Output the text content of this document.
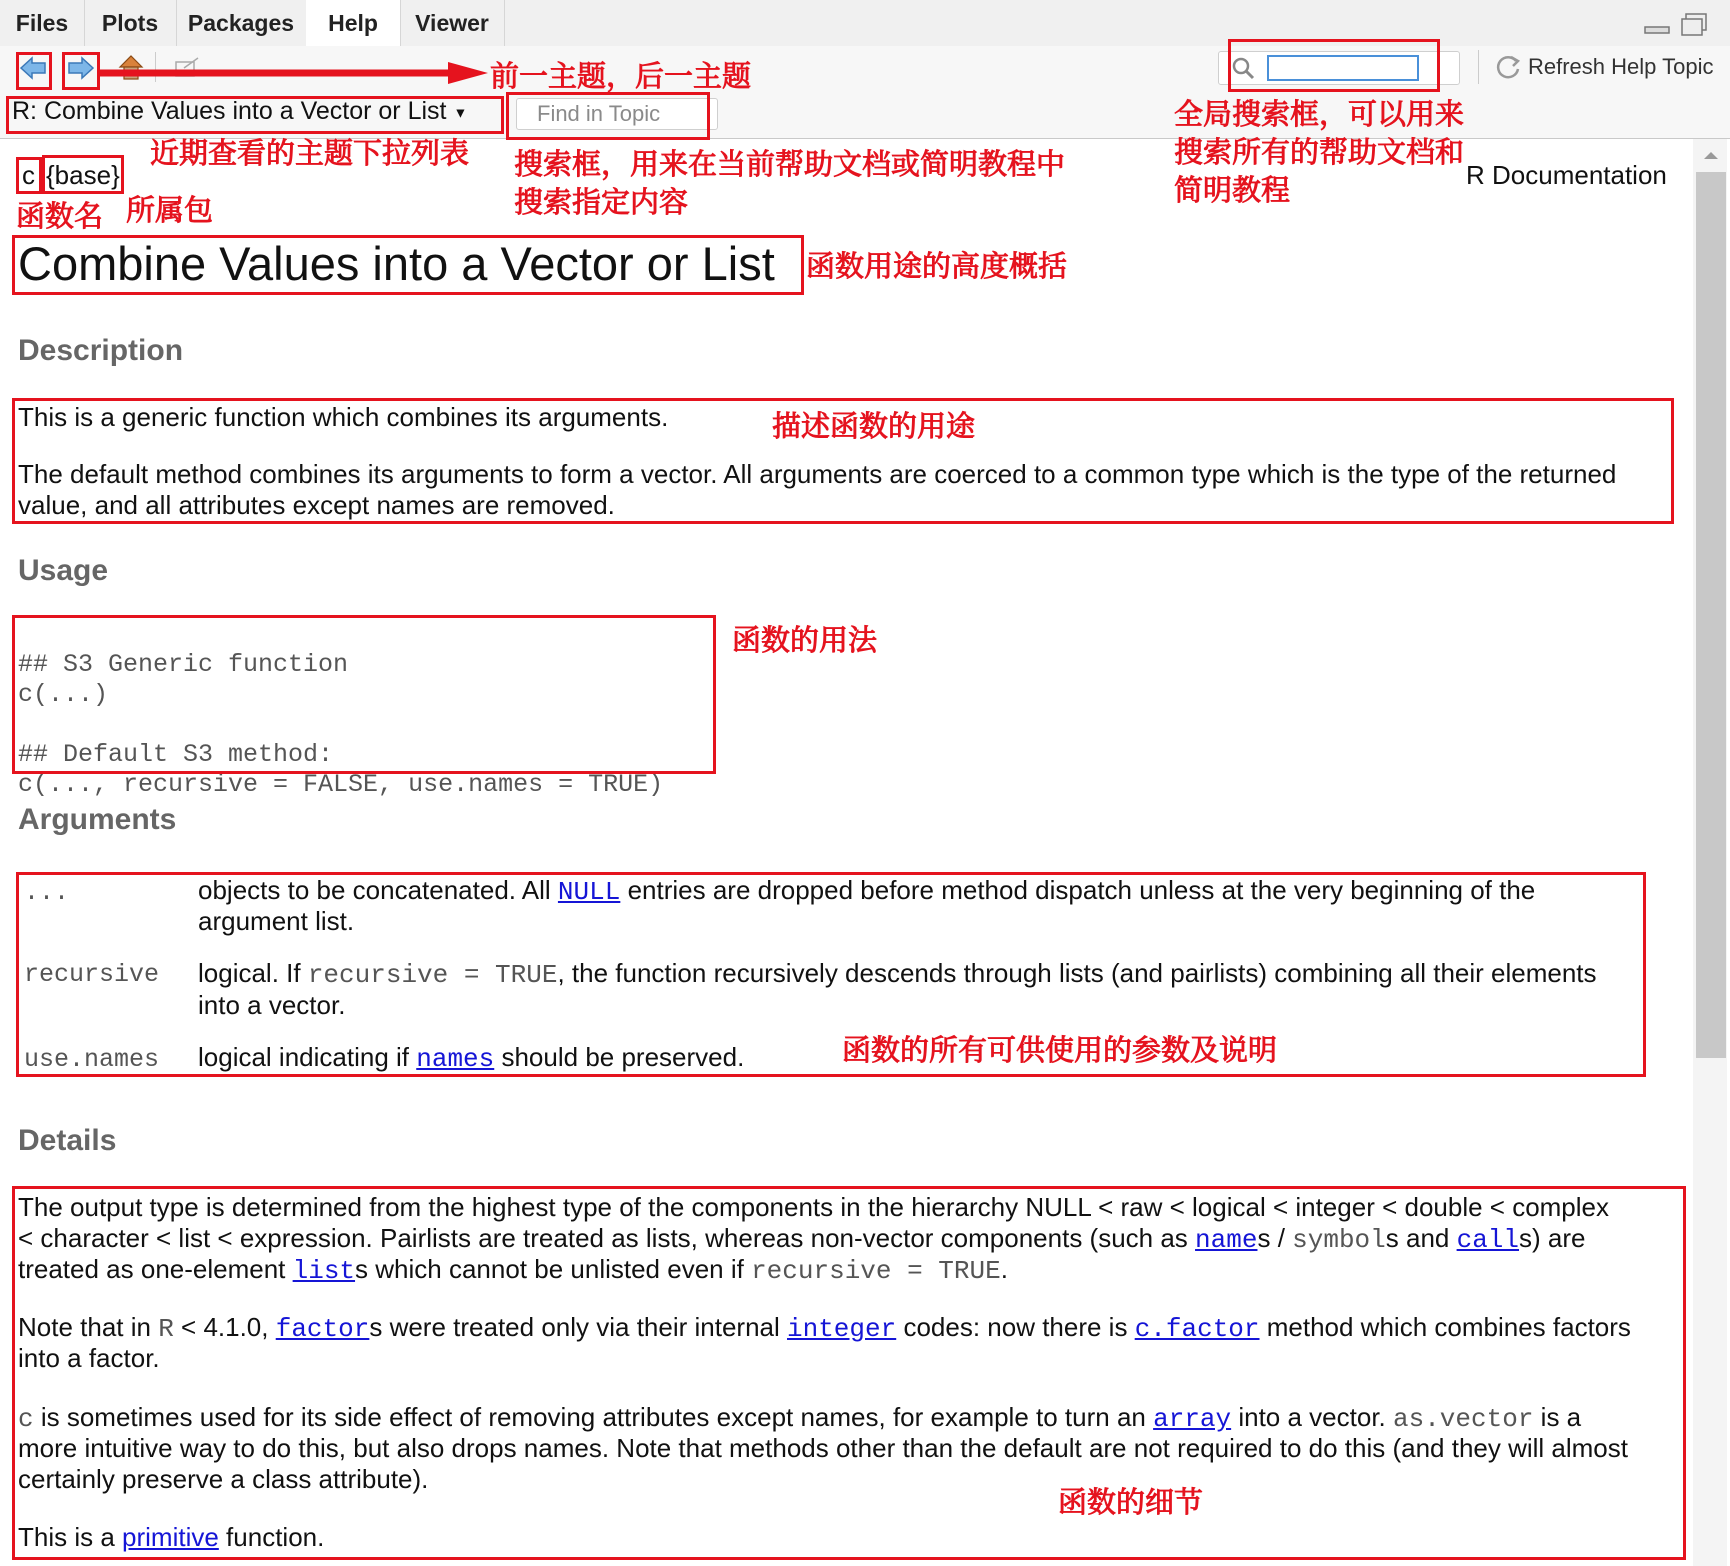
Files	Plots	Packages	Help	Viewer
Refresh Help Topic
R: Combine Values into a Vector or List ▼	Find in Topic
c {base}	R Documentation
Combine Values into a Vector or List
Description
This is a generic function which combines its arguments.
The default method combines its arguments to form a vector. All arguments are coerced to a common type which is the type of the returned
value, and all attributes except names are removed.
Usage

## S3 Generic function
c(...)
## Default S3 method:
c(..., recursive = FALSE, use.names = TRUE)

Arguments
...	objects to be concatenated. All NULL entries are dropped before method dispatch unless at the very beginning of the
argument list.
recursive logical. If recursive = TRUE, the function recursively descends through lists (and pairlists) combining all their elements
into a vector.
use.names logical indicating if names should be preserved.
Details
The output type is determined from the highest type of the components in the hierarchy NULL < raw < logical < integer < double < complex
< character < list < expression. Pairlists are treated as lists, whereas non-vector components (such as names / symbols and calls) are
treated as one-element lists which cannot be unlisted even if recursive = TRUE.
Note that in R < 4.1.0, factors were treated only via their internal integer codes: now there is c.factor method which combines factors
into a factor.
c is sometimes used for its side effect of removing attributes except names, for example to turn an array into a vector. as.vector is a
more intuitive way to do this, but also drops names. Note that methods other than the default are not required to do this (and they will almost
certainly preserve a class attribute).
This is a primitive function.
前一主题，后一主题
全局搜索框，可以用来
搜索所有的帮助文档和
简明教程
近期查看的主题下拉列表 搜索框，用来在当前帮助文档或简明教程中
搜索指定内容
函数名 所属包
函数用途的高度概括
描述函数的用途
函数的用法
函数的所有可供使用的参数及说明
函数的细节
